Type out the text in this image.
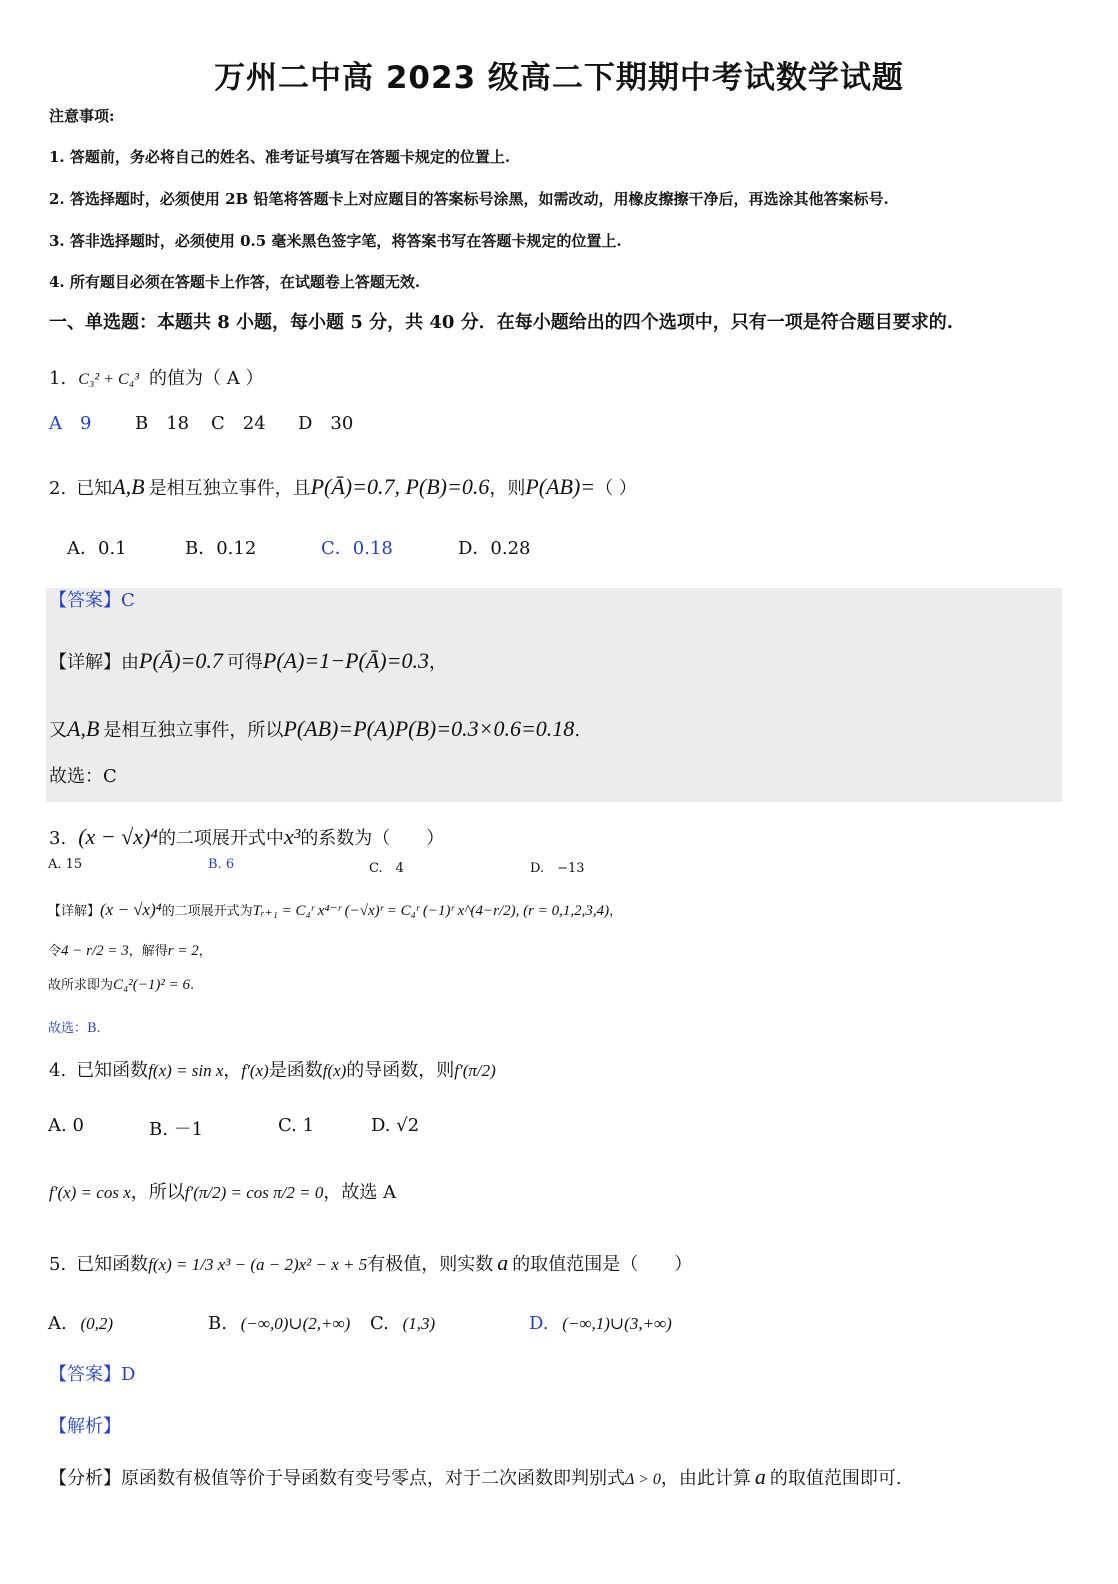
万州二中高 2023 级高二下期期中考试数学试题
注意事项:
1. 答题前，务必将自己的姓名、准考证号填写在答题卡规定的位置上.
2. 答选择题时，必须使用 2B 铅笔将答题卡上对应题目的答案标号涂黑，如需改动，用橡皮擦擦干净后，再选涂其他答案标号.
3. 答非选择题时，必须使用 0.5 毫米黑色签字笔，将答案书写在答题卡规定的位置上.
4. 所有题目必须在答题卡上作答，在试题卷上答题无效.
一、单选题：本题共 8 小题，每小题 5 分，共 40 分．在每小题给出的四个选项中，只有一项是符合题目要求的.
1. C₃² + C₄³ 的值为（ A ）
A　9 B　18 C　24 D　30
2. 已知 A,B 是相互独立事件，且 P(Ā)=0.7, P(B)=0.6 ，则 P(AB)= （ ）
A．0.1	B．0.12	C．0.18	D．0.28
【答案】C
【详解】由 P(Ā)=0.7 可得 P(A)=1−P(Ā)=0.3 ，
又 A,B 是相互独立事件，所以 P(AB)=P(A)P(B)=0.3×0.6=0.18 .
故选：C
3. (x − √x)⁴ 的二项展开式中 x³ 的系数为（　　）
A. 15	B. 6	C.　4	D.　−13
【详解】 (x − √x)⁴ 的二项展开式为 Tᵣ₊₁ = C₄ʳ x⁴⁻ʳ (−√x)ʳ = C₄ʳ (−1)ʳ x^(4−r/2), (r = 0,1,2,3,4) ，
令 4 − r/2 = 3 ，解得 r = 2 ，
故所求即为 C₄²(−1)² = 6 .
故选：B.
4. 已知函数 f(x) = sin x ， f′(x) 是函数 f(x) 的导函数，则 f′(π/2)
A. 0	B. －1	C. 1	D. √2
f′(x) = cos x ，所以 f′(π/2) = cos π/2 = 0 ，故选 A
5. 已知函数 f(x) = 1/3 x³ − (a − 2)x² − x + 5 有极值，则实数 a 的取值范围是（　　）
A. (0,2)	B. (−∞,0)∪(2,+∞) C. (1,3)	D. (−∞,1)∪(3,+∞)
【答案】D
【解析】
【分析】 原函数有极值等价于导函数有变号零点，对于二次函数即判别式 Δ > 0 ，由此计算 a 的取值范围即可.
